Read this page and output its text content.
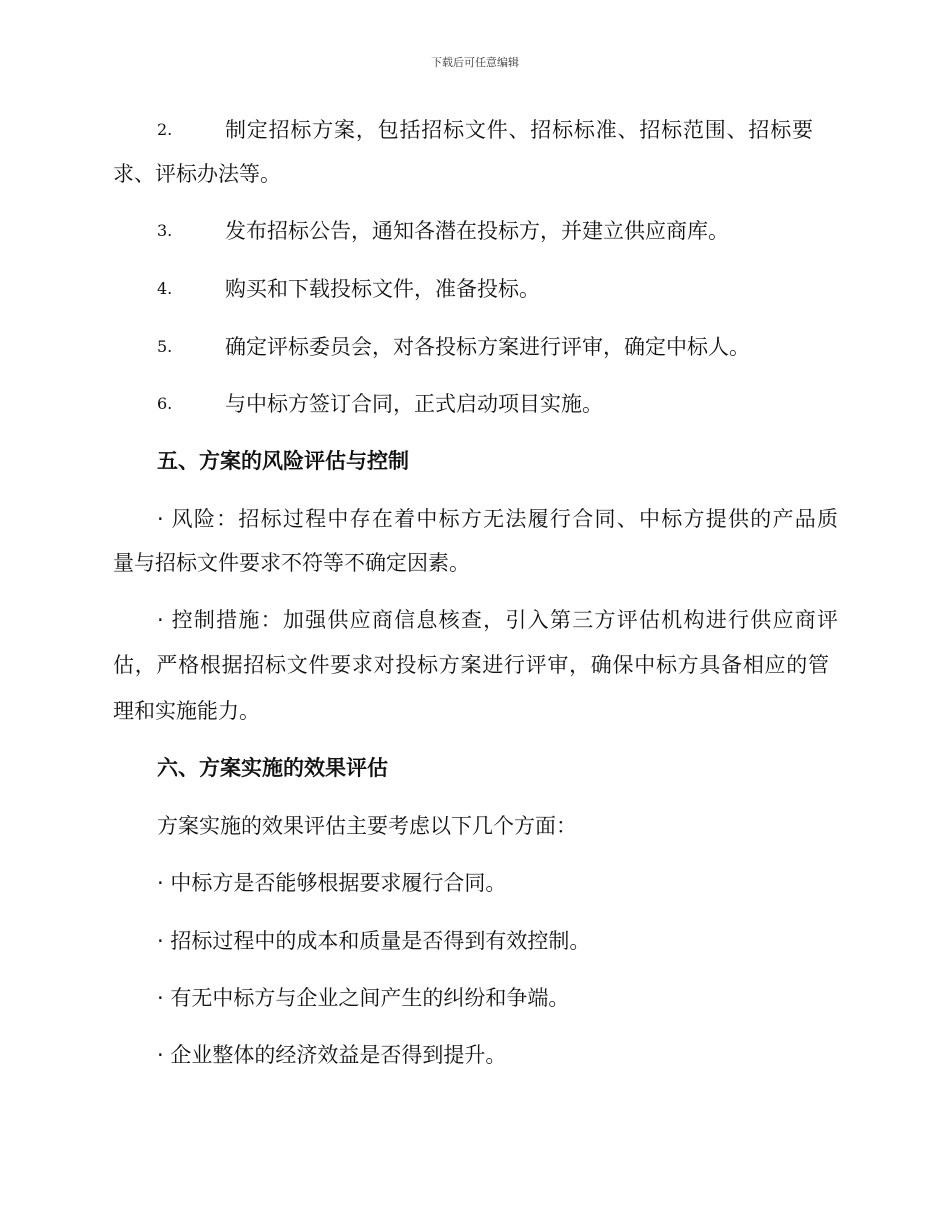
下载后可任意编辑
2.	制定招标方案，包括招标文件、招标标准、招标范围、招标要
求、评标办法等。
3.	发布招标公告，通知各潜在投标方，并建立供应商库。
4.	购买和下载投标文件，准备投标。
5.	确定评标委员会，对各投标方案进行评审，确定中标人。
6.	与中标方签订合同，正式启动项目实施。
五、方案的风险评估与控制
· 风险：招标过程中存在着中标方无法履行合同、中标方提供的产品质
量与招标文件要求不符等不确定因素。
· 控制措施：加强供应商信息核查，引入第三方评估机构进行供应商评
估，严格根据招标文件要求对投标方案进行评审，确保中标方具备相应的管
理和实施能力。
六、方案实施的效果评估
方案实施的效果评估主要考虑以下几个方面：
· 中标方是否能够根据要求履行合同。
· 招标过程中的成本和质量是否得到有效控制。
· 有无中标方与企业之间产生的纠纷和争端。
· 企业整体的经济效益是否得到提升。
